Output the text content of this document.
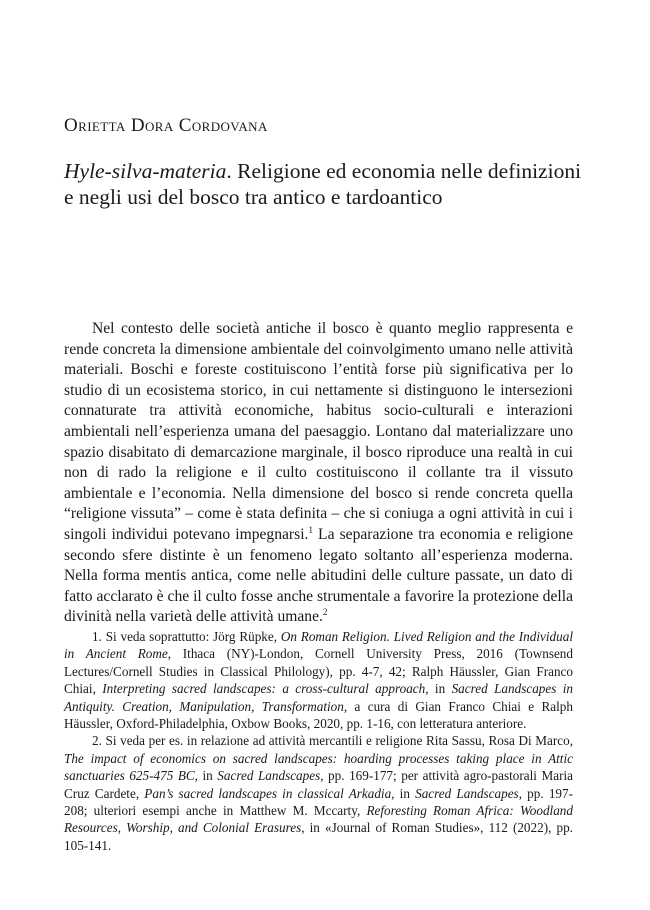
Orietta Dora Cordovana
Hyle-silva-materia. Religione ed economia nelle definizioni e negli usi del bosco tra antico e tardoantico

Nel contesto delle società antiche il bosco è quanto meglio rappresenta e rende concreta la dimensione ambientale del coinvolgimento umano nelle attività materiali. Boschi e foreste costituiscono l’entità forse più significativa per lo studio di un ecosistema storico, in cui nettamente si distinguono le intersezioni connaturate tra attività economiche, habitus socio-culturali e interazioni ambientali nell’esperienza umana del paesaggio. Lontano dal materializzare uno spazio disabitato di demarcazione marginale, il bosco riproduce una realtà in cui non di rado la religione e il culto costituiscono il collante tra il vissuto ambientale e l’economia. Nella dimensione del bosco si rende concreta quella “religione vissuta” – come è stata definita – che si coniuga a ogni attività in cui i singoli individui potevano impegnarsi.$^1$ La separazione tra economia e religione secondo sfere distinte è un fenomeno legato soltanto all’esperienza moderna. Nella forma mentis antica, come nelle abitudini delle culture passate, un dato di fatto acclarato è che il culto fosse anche strumentale a favorire la protezione della divinità nella varietà delle attività umane.$^2$

1. Si veda soprattutto: Jörg Rüpke, On Roman Religion. Lived Religion and the Individual in Ancient Rome, Ithaca (NY)-London, Cornell University Press, 2016 (Townsend Lectures/Cornell Studies in Classical Philology), pp. 4-7, 42; Ralph Häussler, Gian Franco Chiai, Interpreting sacred landscapes: a cross-cultural approach, in Sacred Landscapes in Antiquity. Creation, Manipulation, Transformation, a cura di Gian Franco Chiai e Ralph Häussler, Oxford-Philadelphia, Oxbow Books, 2020, pp. 1-16, con letteratura anteriore.

2. Si veda per es. in relazione ad attività mercantili e religione Rita Sassu, Rosa Di Marco, The impact of economics on sacred landscapes: hoarding processes taking place in Attic sanctuaries 625-475 BC, in Sacred Landscapes, pp. 169-177; per attività agro-pastorali Maria Cruz Cardete, Pan’s sacred landscapes in classical Arkadia, in Sacred Landscapes, pp. 197-208; ulteriori esempi anche in Matthew M. Mccarty, Reforesting Roman Africa: Woodland Resources, Worship, and Colonial Erasures, in «Journal of Roman Studies», 112 (2022), pp. 105-141.
